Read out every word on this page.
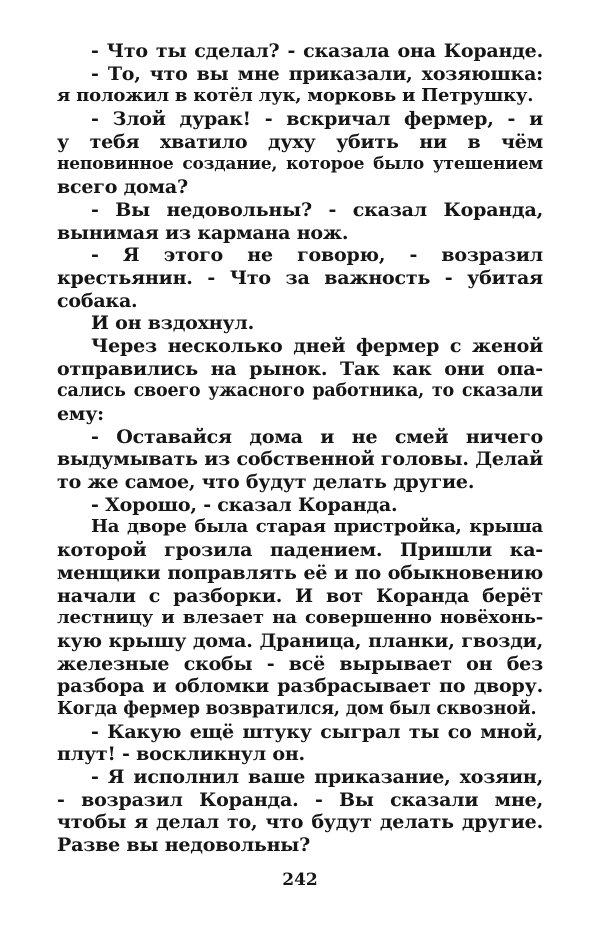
- Что ты сделал? - сказала она Коранде.
- То, что вы мне приказали, хозяюшка:
я положил в котёл лук, морковь и Петрушку.
- Злой дурак! - вскричал фермер, - и
у тебя хватило духу убить ни в чём
неповинное создание, которое было утешением
всего дома?
- Вы недовольны? - сказал Коранда,
вынимая из кармана нож.
- Я этого не говорю, - возразил
крестьянин. - Что за важность - убитая
собака.
И он вздохнул.
Через несколько дней фермер с женой
отправились на рынок. Так как они опа-
сались своего ужасного работника, то сказали
ему:
- Оставайся дома и не смей ничего
выдумывать из собственной головы. Делай
то же самое, что будут делать другие.
- Хорошо, - сказал Коранда.
На дворе была старая пристройка, крыша
которой грозила падением. Пришли ка-
менщики поправлять её и по обыкновению
начали с разборки. И вот Коранда берёт
лестницу и влезает на совершенно новёхонь-
кую крышу дома. Драница, планки, гвозди,
железные скобы - всё вырывает он без
разбора и обломки разбрасывает по двору.
Когда фермер возвратился, дом был сквозной.
- Какую ещё штуку сыграл ты со мной,
плут! - воскликнул он.
- Я исполнил ваше приказание, хозяин,
- возразил Коранда. - Вы сказали мне,
чтобы я делал то, что будут делать другие.
Разве вы недовольны?
242
